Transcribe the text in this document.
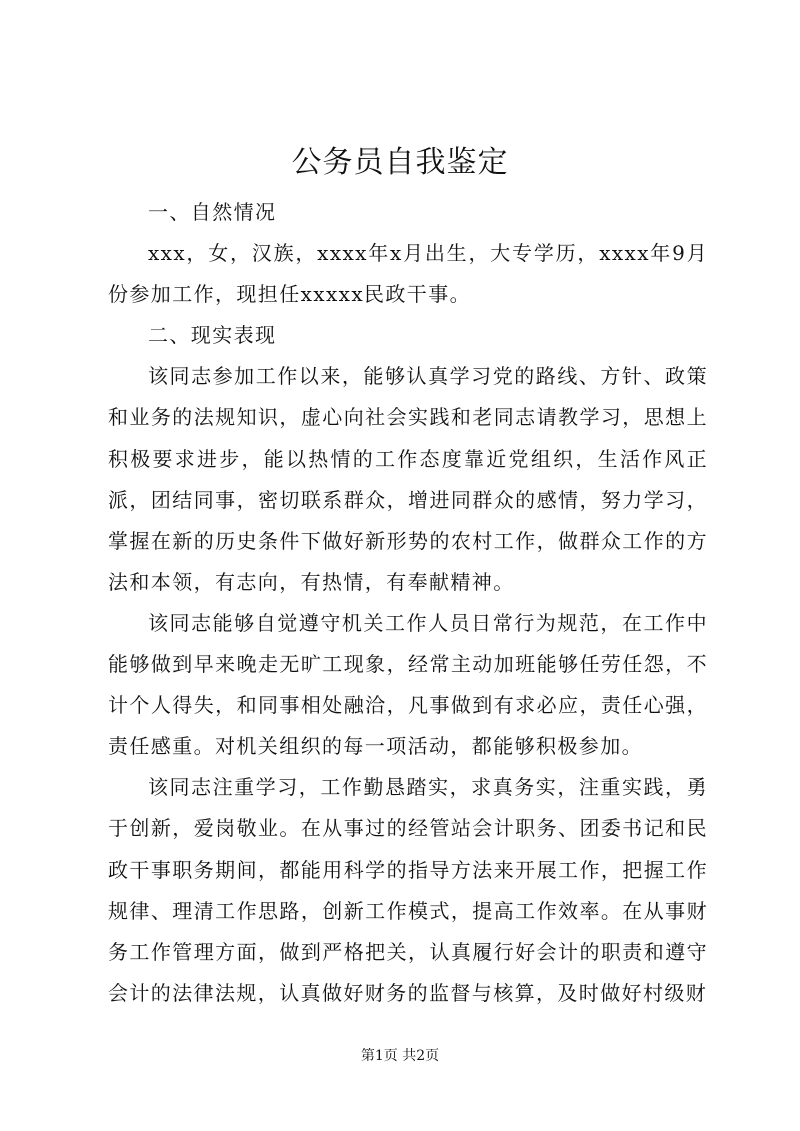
公务员自我鉴定

一、自然情况

xxx，女，汉族，xxxx年x月出生，大专学历，xxxx年9月份参加工作，现担任xxxxx民政干事。

二、现实表现

该同志参加工作以来，能够认真学习党的路线、方针、政策和业务的法规知识，虚心向社会实践和老同志请教学习，思想上积极要求进步，能以热情的工作态度靠近党组织，生活作风正派，团结同事，密切联系群众，增进同群众的感情，努力学习，掌握在新的历史条件下做好新形势的农村工作，做群众工作的方法和本领，有志向，有热情，有奉献精神。

该同志能够自觉遵守机关工作人员日常行为规范，在工作中能够做到早来晚走无旷工现象，经常主动加班能够任劳任怨，不计个人得失，和同事相处融洽，凡事做到有求必应，责任心强，责任感重。对机关组织的每一项活动，都能够积极参加。

该同志注重学习，工作勤恳踏实，求真务实，注重实践，勇于创新，爱岗敬业。在从事过的经管站会计职务、团委书记和民政干事职务期间，都能用科学的指导方法来开展工作，把握工作规律、理清工作思路，创新工作模式，提高工作效率。在从事财务工作管理方面，做到严格把关，认真履行好会计的职责和遵守会计的法律法规，认真做好财务的监督与核算，及时做好村级财

第1页 共2页
